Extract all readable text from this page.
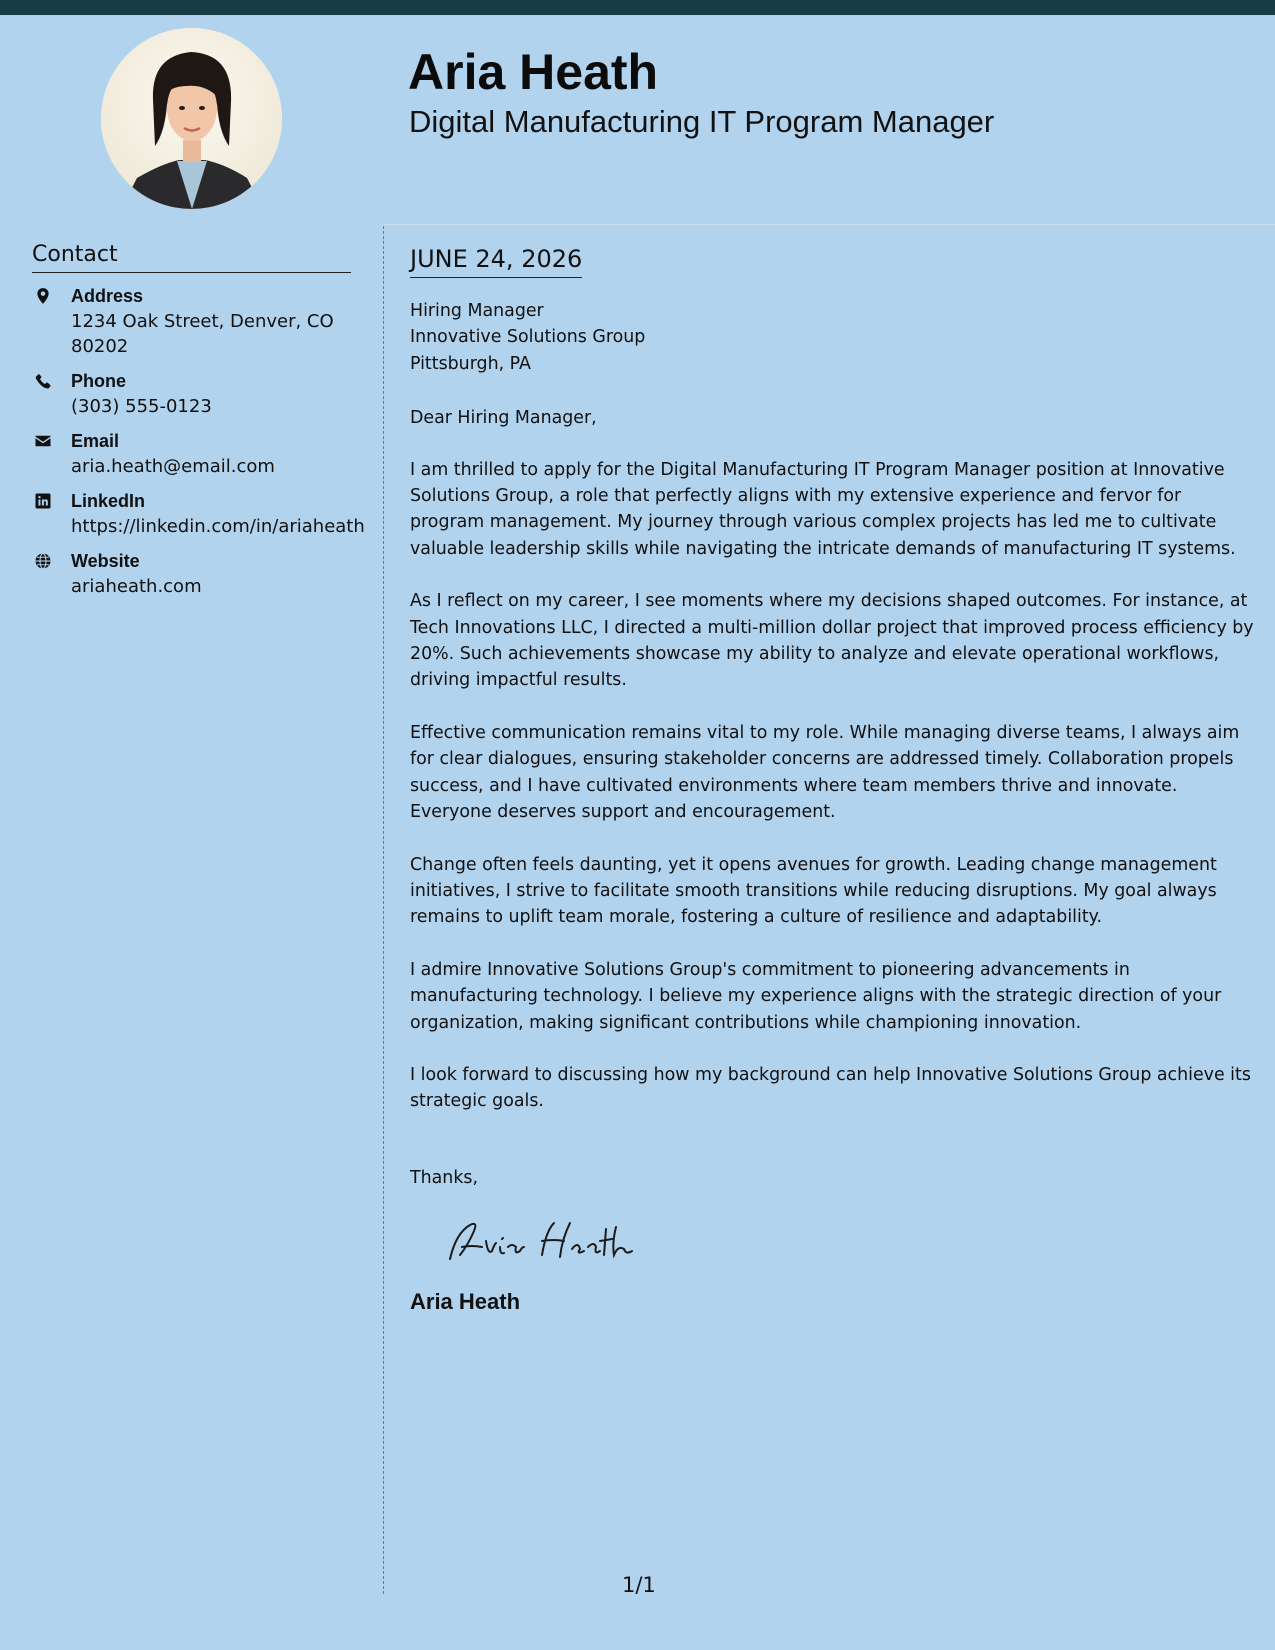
Aria Heath
Digital Manufacturing IT Program Manager
Contact
Address
1234 Oak Street, Denver, CO 80202
Phone
(303) 555-0123
Email
aria.heath@email.com
LinkedIn
https://linkedin.com/in/ariaheath
Website
ariaheath.com
JUNE 24, 2026
Hiring Manager
Innovative Solutions Group
Pittsburgh, PA

Dear Hiring Manager,

I am thrilled to apply for the Digital Manufacturing IT Program Manager position at Innovative Solutions Group, a role that perfectly aligns with my extensive experience and fervor for program management. My journey through various complex projects has led me to cultivate valuable leadership skills while navigating the intricate demands of manufacturing IT systems.

As I reflect on my career, I see moments where my decisions shaped outcomes. For instance, at Tech Innovations LLC, I directed a multi-million dollar project that improved process efficiency by 20%. Such achievements showcase my ability to analyze and elevate operational workflows, driving impactful results.

Effective communication remains vital to my role. While managing diverse teams, I always aim for clear dialogues, ensuring stakeholder concerns are addressed timely. Collaboration propels success, and I have cultivated environments where team members thrive and innovate. Everyone deserves support and encouragement.

Change often feels daunting, yet it opens avenues for growth. Leading change management initiatives, I strive to facilitate smooth transitions while reducing disruptions. My goal always remains to uplift team morale, fostering a culture of resilience and adaptability.

I admire Innovative Solutions Group's commitment to pioneering advancements in manufacturing technology. I believe my experience aligns with the strategic direction of your organization, making significant contributions while championing innovation.

I look forward to discussing how my background can help Innovative Solutions Group achieve its strategic goals.

Thanks,
Aria Heath
1/1
